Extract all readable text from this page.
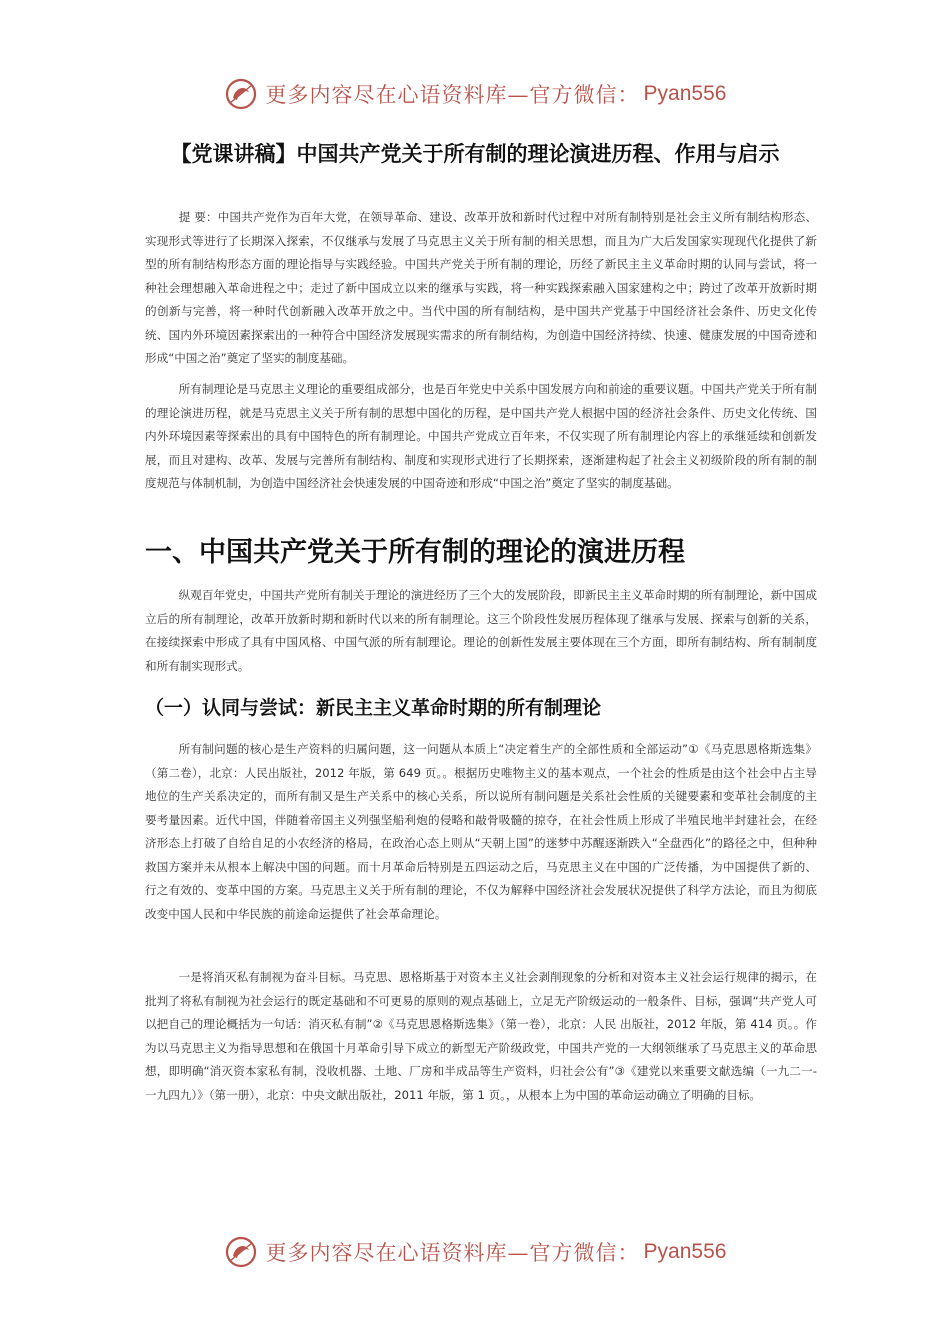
更多内容尽在心语资料库—官方微信： Pyan556
【党课讲稿】中国共产党关于所有制的理论演进历程、作用与启示

提 要：中国共产党作为百年大党，在领导革命、建设、改革开放和新时代过程中对所有制特别是社会主义所有制结构形态、实现形式等进行了长期深入探索，不仅继承与发展了马克思主义关于所有制的相关思想，而且为广大后发国家实现现代化提供了新型的所有制结构形态方面的理论指导与实践经验。中国共产党关于所有制的理论，历经了新民主主义革命时期的认同与尝试，将一种社会理想融入革命进程之中；走过了新中国成立以来的继承与实践，将一种实践探索融入国家建构之中；跨过了改革开放新时期的创新与完善，将一种时代创新融入改革开放之中。当代中国的所有制结构，是中国共产党基于中国经济社会条件、历史文化传统、国内外环境因素探索出的一种符合中国经济发展现实需求的所有制结构，为创造中国经济持续、快速、健康发展的中国奇迹和形成“中国之治”奠定了坚实的制度基础。

所有制理论是马克思主义理论的重要组成部分，也是百年党史中关系中国发展方向和前途的重要议题。中国共产党关于所有制的理论演进历程，就是马克思主义关于所有制的思想中国化的历程，是中国共产党人根据中国的经济社会条件、历史文化传统、国内外环境因素等探索出的具有中国特色的所有制理论。中国共产党成立百年来，不仅实现了所有制理论内容上的承继延续和创新发展，而且对建构、改革、发展与完善所有制结构、制度和实现形式进行了长期探索，逐渐建构起了社会主义初级阶段的所有制的制度规范与体制机制，为创造中国经济社会快速发展的中国奇迹和形成“中国之治”奠定了坚实的制度基础。

一、中国共产党关于所有制的理论的演进历程

纵观百年党史，中国共产党所有制关于理论的演进经历了三个大的发展阶段，即新民主主义革命时期的所有制理论，新中国成立后的所有制理论，改革开放新时期和新时代以来的所有制理论。这三个阶段性发展历程体现了继承与发展、探索与创新的关系，在接续探索中形成了具有中国风格、中国气派的所有制理论。理论的创新性发展主要体现在三个方面，即所有制结构、所有制制度和所有制实现形式。

（一）认同与尝试：新民主主义革命时期的所有制理论

所有制问题的核心是生产资料的归属问题，这一问题从本质上“决定着生产的全部性质和全部运动”①《马克思恩格斯选集》（第二卷），北京：人民出版社，2012 年版，第 649 页。。根据历史唯物主义的基本观点，一个社会的性质是由这个社会中占主导地位的生产关系决定的，而所有制又是生产关系中的核心关系，所以说所有制问题是关系社会性质的关键要素和变革社会制度的主要考量因素。近代中国，伴随着帝国主义列强坚船利炮的侵略和敲骨吸髓的掠夺，在社会性质上形成了半殖民地半封建社会，在经济形态上打破了自给自足的小农经济的格局，在政治心态上则从“天朝上国”的迷梦中苏醒逐渐跌入“全盘西化”的路径之中，但种种救国方案并未从根本上解决中国的问题。而十月革命后特别是五四运动之后，马克思主义在中国的广泛传播，为中国提供了新的、行之有效的、变革中国的方案。马克思主义关于所有制的理论，不仅为解释中国经济社会发展状况提供了科学方法论，而且为彻底改变中国人民和中华民族的前途命运提供了社会革命理论。

一是将消灭私有制视为奋斗目标。马克思、恩格斯基于对资本主义社会剥削现象的分析和对资本主义社会运行规律的揭示，在批判了将私有制视为社会运行的既定基础和不可更易的原则的观点基础上，立足无产阶级运动的一般条件、目标，强调“共产党人可以把自己的理论概括为一句话：消灭私有制”②《马克思恩格斯选集》（第一卷），北京：人民 出版社，2012 年版，第 414 页。。作为以马克思主义为指导思想和在俄国十月革命引导下成立的新型无产阶级政党，中国共产党的一大纲领继承了马克思主义的革命思想，即明确“消灭资本家私有制，没收机器、土地、厂房和半成品等生产资料，归社会公有”③《建党以来重要文献选编（一九二一-一九四九）》（第一册），北京：中央文献出版社，2011 年版，第 1 页。，从根本上为中国的革命运动确立了明确的目标。

更多内容尽在心语资料库—官方微信： Pyan556
